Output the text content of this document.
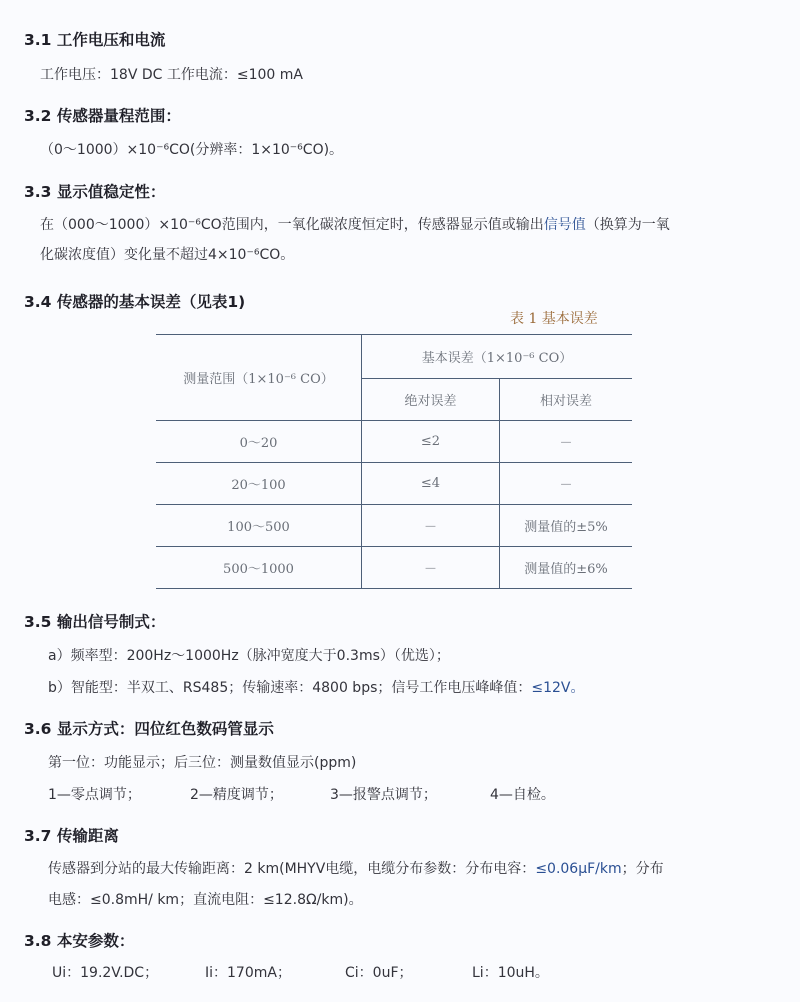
3.1 工作电压和电流
工作电压：18V DC 工作电流：≤100 mA
3.2 传感器量程范围：
（0～1000）×10⁻⁶CO(分辨率：1×10⁻⁶CO)。
3.3 显示值稳定性：
在（000～1000）×10⁻⁶CO范围内，一氧化碳浓度恒定时，传感器显示值或输出信号值（换算为一氧
化碳浓度值）变化量不超过4×10⁻⁶CO。
3.4 传感器的基本误差（见表1)
表 1 基本误差
测量范围（1×10⁻⁶ CO）	基本误差（1×10⁻⁶ CO）	
	绝对误差	相对误差
0～20	≤2	－
20～100	≤4	－
100～500	－	测量值的±5%
500～1000	－	测量值的±6%
3.5 输出信号制式：
a）频率型：200Hz～1000Hz（脉冲宽度大于0.3ms）（优选）；
b）智能型：半双工、RS485；传输速率：4800 bps；信号工作电压峰峰值：≤12V。
3.6 显示方式：四位红色数码管显示
第一位：功能显示；后三位：测量数值显示(ppm)
1—零点调节；	2—精度调节；	3—报警点调节；	4—自检。
3.7 传输距离
传感器到分站的最大传输距离：2 km(MHYV电缆，电缆分布参数：分布电容：≤0.06µF/km；分布
电感：≤0.8mH/ km；直流电阻：≤12.8Ω/km)。
3.8 本安参数：
Ui：19.2V.DC；	Ii：170mA；	Ci：0uF；	Li：10uH。
